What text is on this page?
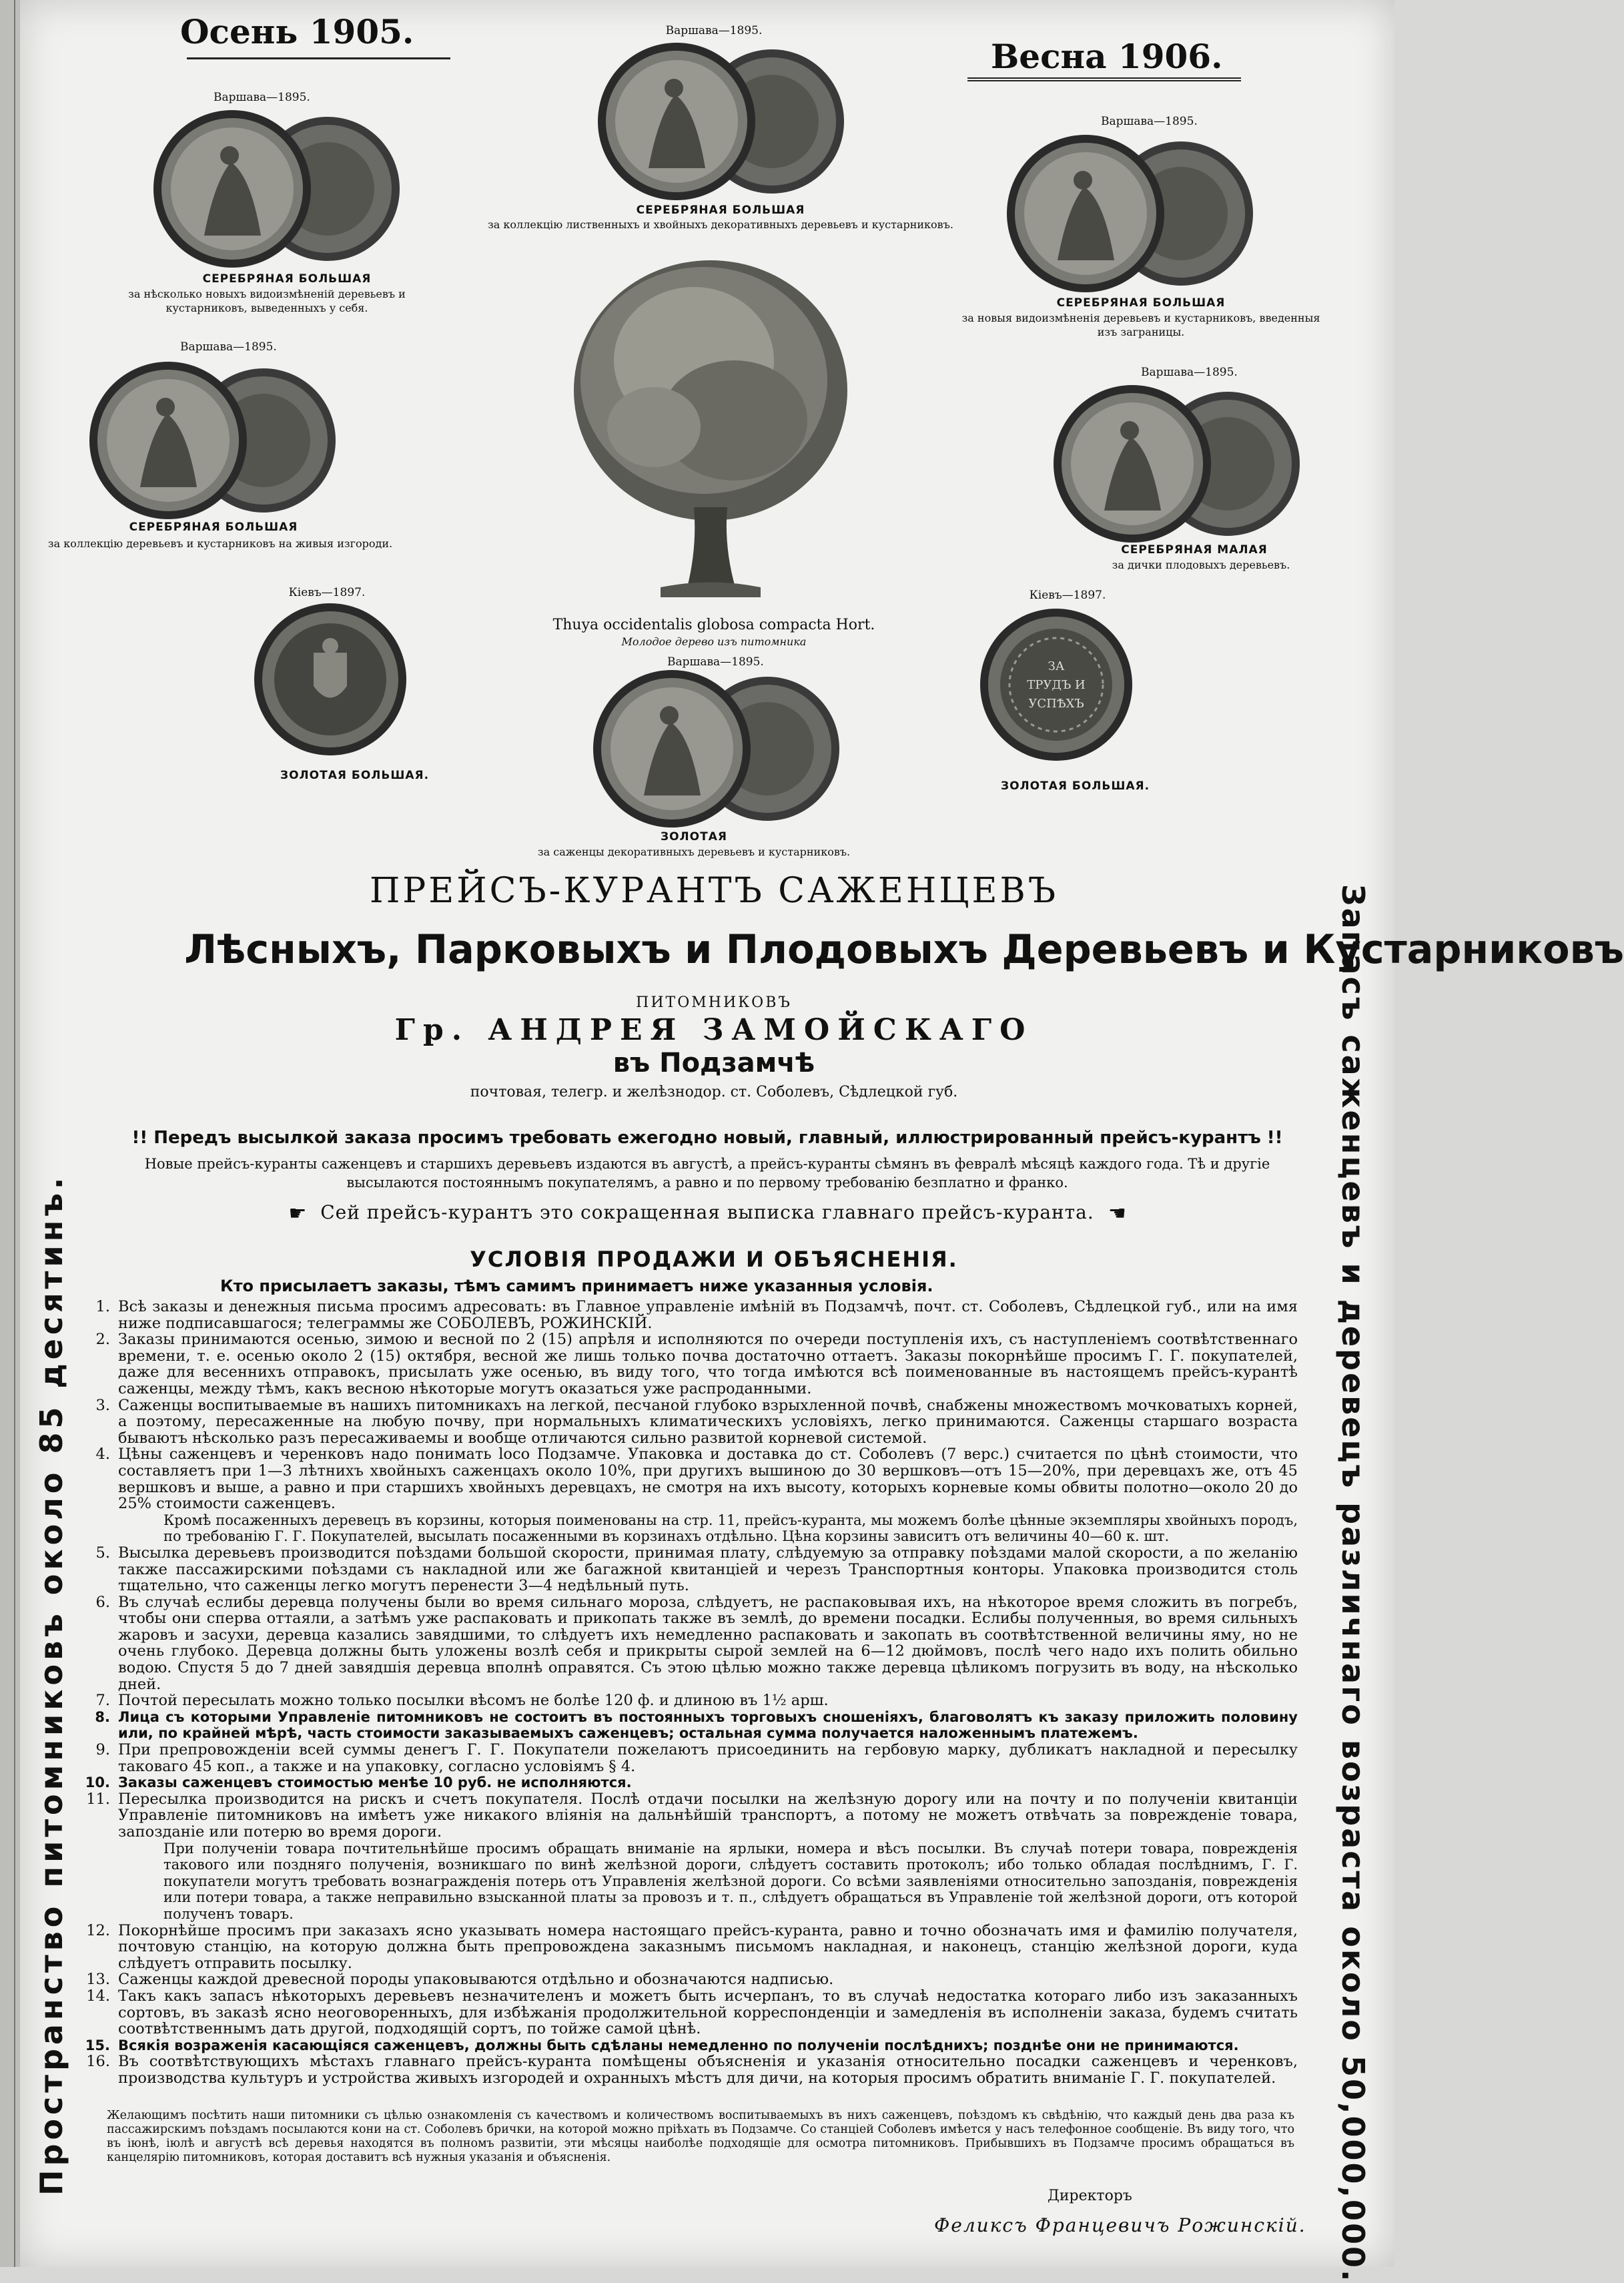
Осень 1905.
Весна 1906.
Варшава—1895.
СЕРЕБРЯНАЯ БОЛЬШАЯ
за нѣсколько новыхъ видоизмѣненій деревьевъ и кустарниковъ, выведенныхъ у себя.
Варшава—1895.
СЕРЕБРЯНАЯ БОЛЬШАЯ
за коллекцію лиственныхъ и хвойныхъ декоративныхъ деревьевъ и кустарниковъ.
Варшава—1895.
СЕРЕБРЯНАЯ БОЛЬШАЯ
за новыя видоизмѣненія деревьевъ и кустарниковъ, введенныя изъ заграницы.
Варшава—1895.
СЕРЕБРЯНАЯ БОЛЬШАЯ
за коллекцію деревьевъ и кустарниковъ на живыя изгороди.
Варшава—1895.
СЕРЕБРЯНАЯ МАЛАЯ
за дички плодовыхъ деревьевъ.
Кіевъ—1897.
ЗОЛОТАЯ БОЛЬШАЯ.
Кіевъ—1897.
ЗА
ТРУДЪ И
УСПѢХЪ
ЗОЛОТАЯ БОЛЬШАЯ.
Варшава—1895.
ЗОЛОТАЯ
за саженцы декоративныхъ деревьевъ и кустарниковъ.
Thuya occidentalis globosa compacta Hort.
Молодое дерево изъ питомника
ПРЕЙСЪ-КУРАНТЪ САЖЕНЦЕВЪ
Лѣсныхъ, Парковыхъ и Плодовыхъ Деревьевъ и Кустарниковъ
ПИТОМНИКОВЪ
Гр. АНДРЕЯ ЗАМОЙСКАГО
въ Подзамчѣ
почтовая, телегр. и желѣзнодор. ст. Соболевъ, Сѣдлецкой губ.
!! Передъ высылкой заказа просимъ требовать ежегодно новый, главный, иллюстрированный прейсъ-курантъ !!
Новые прейсъ-куранты саженцевъ и старшихъ деревьевъ издаются въ августѣ, а прейсъ-куранты сѣмянъ въ февралѣ мѣсяцѣ каждого года. Тѣ и другіе высылаются постояннымъ покупателямъ, а равно и по первому требованію безплатно и франко.
☛ Сей прейсъ-курантъ это сокращенная выписка главнаго прейсъ-куранта. ☛
УСЛОВІЯ ПРОДАЖИ И ОБЪЯСНЕНІЯ.
Кто присылаетъ заказы, тѣмъ самимъ принимаетъ ниже указанныя условія.
1. Всѣ заказы и денежныя письма просимъ адресовать: въ Главное управленіе имѣній въ Подзамчѣ, почт. ст. Соболевъ, Сѣдлецкой губ., или на имя ниже подписавшагося; телеграммы же СОБОЛЕВЪ, РОЖИНСКІЙ.
2. Заказы принимаются осенью, зимою и весной по 2 (15) апрѣля и исполняются по очереди поступленія ихъ, съ наступленіемъ соотвѣтственнаго времени, т. е. осенью около 2 (15) октября, весной же лишь только почва достаточно оттаетъ. Заказы покорнѣйше просимъ Г. Г. покупателей, даже для весеннихъ отправокъ, присылать уже осенью, въ виду того, что тогда имѣются всѣ поименованные въ настоящемъ прейсъ-курантѣ саженцы, между тѣмъ, какъ весною нѣкоторые могутъ оказаться уже распроданными.
3. Саженцы воспитываемые въ нашихъ питомникахъ на легкой, песчаной глубоко взрыхленной почвѣ, снабжены множествомъ мочковатыхъ корней, а поэтому, пересаженные на любую почву, при нормальныхъ климатическихъ условіяхъ, легко принимаются. Саженцы старшаго возраста бываютъ нѣсколько разъ пересаживаемы и вообще отличаются сильно развитой корневой системой.
4. Цѣны саженцевъ и черенковъ надо понимать loco Подзамче. Упаковка и доставка до ст. Соболевъ (7 верс.) считается по цѣнѣ стоимости, что составляетъ при 1—3 лѣтнихъ хвойныхъ саженцахъ около 10%, при другихъ вышиною до 30 вершковъ—отъ 15—20%, при деревцахъ же, отъ 45 вершковъ и выше, а равно и при старшихъ хвойныхъ деревцахъ, не смотря на ихъ высоту, которыхъ корневые комы обвиты полотно—около 20 до 25% стоимости саженцевъ.
Кромѣ посаженныхъ деревецъ въ корзины, которыя поименованы на стр. 11, прейсъ-куранта, мы можемъ болѣе цѣнные экземпляры хвойныхъ породъ, по требованію Г. Г. Покупателей, высылать посаженными въ корзинахъ отдѣльно. Цѣна корзины зависитъ отъ величины 40—60 к. шт.
5. Высылка деревьевъ производится поѣздами большой скорости, принимая плату, слѣдуемую за отправку поѣздами малой скорости, а по желанію также пассажирскими поѣздами съ накладной или же багажной квитанціей и черезъ Транспортныя конторы. Упаковка производится столь тщательно, что саженцы легко могутъ перенести 3—4 недѣльный путь.
6. Въ случаѣ еслибы деревца получены были во время сильнаго мороза, слѣдуетъ, не распаковывая ихъ, на нѣкоторое время сложить въ погребъ, чтобы они сперва оттаяли, а затѣмъ уже распаковать и прикопать также въ землѣ, до времени посадки. Еслибы полученныя, во время сильныхъ жаровъ и засухи, деревца казались завядшими, то слѣдуетъ ихъ немедленно распаковать и закопать въ соотвѣтственной величины яму, но не очень глубоко. Деревца должны быть уложены возлѣ себя и прикрыты сырой землей на 6—12 дюймовъ, послѣ чего надо ихъ полить обильно водою. Спустя 5 до 7 дней завядшія деревца вполнѣ оправятся. Съ этою цѣлью можно также деревца цѣликомъ погрузить въ воду, на нѣсколько дней.
7. Почтой пересылать можно только посылки вѣсомъ не болѣе 120 ф. и длиною въ 1½ арш.
8. Лица съ которыми Управленіе питомниковъ не состоитъ въ постоянныхъ торговыхъ сношеніяхъ, благоволятъ къ заказу приложить половину или, по крайней мѣрѣ, часть стоимости заказываемыхъ саженцевъ; остальная сумма получается наложеннымъ платежемъ.
9. При препровожденіи всей суммы денегъ Г. Г. Покупатели пожелаютъ присоединить на гербовую марку, дубликатъ накладной и пересылку таковаго 45 коп., а также и на упаковку, согласно условіямъ § 4.
10. Заказы саженцевъ стоимостью менѣе 10 руб. не исполняются.
11. Пересылка производится на рискъ и счетъ покупателя. Послѣ отдачи посылки на желѣзную дорогу или на почту и по полученіи квитанціи Управленіе питомниковъ на имѣетъ уже никакого вліянія на дальнѣйшій транспортъ, а потому не можетъ отвѣчать за поврежденіе товара, запозданіе или потерю во время дороги.
При полученіи товара почтительнѣйше просимъ обращать вниманіе на ярлыки, номера и вѣсъ посылки. Въ случаѣ потери товара, поврежденія такового или поздняго полученія, возникшаго по винѣ желѣзной дороги, слѣдуетъ составить протоколъ; ибо только обладая послѣднимъ, Г. Г. покупатели могутъ требовать вознагражденія потерь отъ Управленія желѣзной дороги. Со всѣми заявленіями относительно запозданія, поврежденія или потери товара, а также неправильно взысканной платы за провозъ и т. п., слѣдуетъ обращаться въ Управленіе той желѣзной дороги, отъ которой полученъ товаръ.
12. Покорнѣйше просимъ при заказахъ ясно указывать номера настоящаго прейсъ-куранта, равно и точно обозначать имя и фамилію получателя, почтовую станцію, на которую должна быть препровождена заказнымъ письмомъ накладная, и наконецъ, станцію желѣзной дороги, куда слѣдуетъ отправить посылку.
13. Саженцы каждой древесной породы упаковываются отдѣльно и обозначаются надписью.
14. Такъ какъ запасъ нѣкоторыхъ деревьевъ незначителенъ и можетъ быть исчерпанъ, то въ случаѣ недостатка котораго либо изъ заказанныхъ сортовъ, въ заказѣ ясно неоговоренныхъ, для избѣжанія продолжительной корреспонденціи и замедленія въ исполненіи заказа, будемъ считать соотвѣтственнымъ дать другой, подходящій сортъ, по тойже самой цѣнѣ.
15. Всякія возраженія касающіяся саженцевъ, должны быть сдѣланы немедленно по полученіи послѣднихъ; позднѣе они не принимаются.
16. Въ соотвѣтствующихъ мѣстахъ главнаго прейсъ-куранта помѣщены объясненія и указанія относительно посадки саженцевъ и черенковъ, производства культуръ и устройства живыхъ изгородей и охранныхъ мѣстъ для дичи, на которыя просимъ обратить вниманіе Г. Г. покупателей.
Желающимъ посѣтить наши питомники съ цѣлью ознакомленія съ качествомъ и количествомъ воспитываемыхъ въ нихъ саженцевъ, поѣздомъ къ свѣдѣнію, что каждый день два раза къ пассажирскимъ поѣздамъ посылаются кони на ст. Соболевъ брички, на которой можно пріѣхать въ Подзамче. Со станціей Соболевъ имѣется у насъ телефонное сообщеніе. Въ виду того, что въ іюнѣ, іюлѣ и августѣ всѣ деревья находятся въ полномъ развитіи, эти мѣсяцы наиболѣе подходящіе для осмотра питомниковъ. Прибывшихъ въ Подзамче просимъ обращаться въ канцелярію питомниковъ, которая доставитъ всѣ нужныя указанія и объясненія.
Директоръ
Феликсъ Францевичъ Рожинскій.
Пространство питомниковъ около 85 десятинъ.	Запасъ саженцевъ и деревецъ различнаго возраста около 50,000,000.
